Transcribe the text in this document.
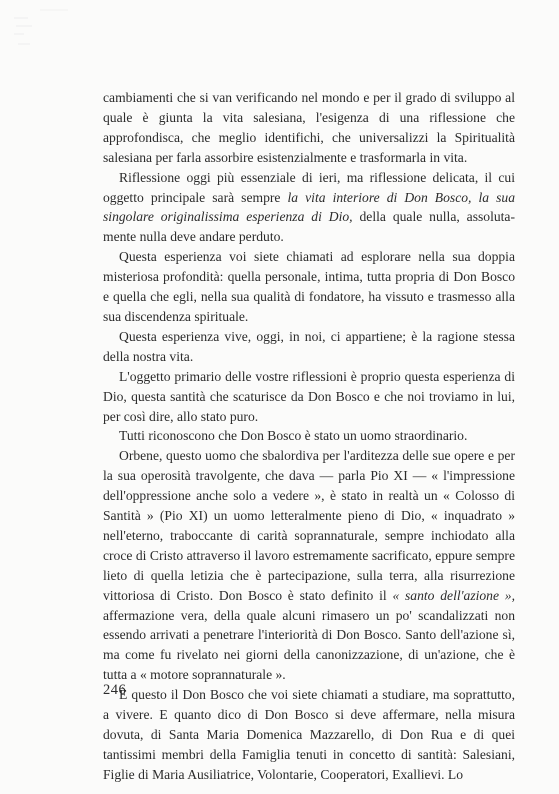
cambiamenti che si van verificando nel mondo e per il grado di sviluppo al quale è giunta la vita salesiana, l'esigenza di una riflessione che approfondisca, che meglio identifichi, che universalizzi la Spiritualità salesiana per farla assorbire esistenzialmente e trasformarla in vita.

Riflessione oggi più essenziale di ieri, ma riflessione delicata, il cui oggetto principale sarà sempre la vita interiore di Don Bosco, la sua singolare originalissima esperienza di Dio, della quale nulla, assolutamente nulla deve andare perduto.

Questa esperienza voi siete chiamati ad esplorare nella sua doppia misteriosa profondità: quella personale, intima, tutta propria di Don Bosco e quella che egli, nella sua qualità di fondatore, ha vissuto e trasmesso alla sua discendenza spirituale.

Questa esperienza vive, oggi, in noi, ci appartiene; è la ragione stessa della nostra vita.

L'oggetto primario delle vostre riflessioni è proprio questa esperienza di Dio, questa santità che scaturisce da Don Bosco e che noi troviamo in lui, per così dire, allo stato puro.

Tutti riconoscono che Don Bosco è stato un uomo straordinario.

Orbene, questo uomo che sbalordiva per l'arditezza delle sue opere e per la sua operosità travolgente, che dava — parla Pio XI — « l'impressione dell'oppressione anche solo a vedere », è stato in realtà un « Colosso di Santità » (Pio XI) un uomo letteralmente pieno di Dio, « inquadrato » nell'eterno, traboccante di carità soprannaturale, sempre inchiodato alla croce di Cristo attraverso il lavoro estremamente sacrificato, eppure sempre lieto di quella letizia che è partecipazione, sulla terra, alla risurrezione vittoriosa di Cristo. Don Bosco è stato definito il « santo dell'azione », affermazione vera, della quale alcuni rimasero un po' scandalizzati non essendo arrivati a penetrare l'interiorità di Don Bosco. Santo dell'azione sì, ma come fu rivelato nei giorni della canonizzazione, di un'azione, che è tutta a « motore soprannaturale ».

È questo il Don Bosco che voi siete chiamati a studiare, ma soprattutto, a vivere. E quanto dico di Don Bosco si deve affermare, nella misura dovuta, di Santa Maria Domenica Mazzarello, di Don Rua e di quei tantissimi membri della Famiglia tenuti in concetto di santità: Salesiani, Figlie di Maria Ausiliatrice, Volontarie, Cooperatori, Exallievi. Lo

246
